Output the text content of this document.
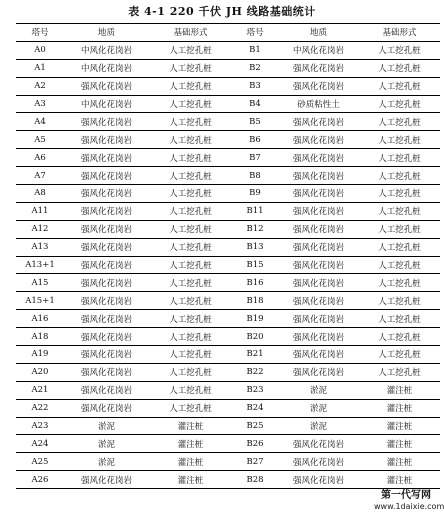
表 4-1 220 千伏 JH 线路基础统计
塔号	地质	基础形式	塔号	地质	基础形式
A0	中风化花岗岩	人工挖孔桩	B1	中风化花岗岩	人工挖孔桩
A1	中风化花岗岩	人工挖孔桩	B2	强风化花岗岩	人工挖孔桩
A2	强风化花岗岩	人工挖孔桩	B3	强风化花岗岩	人工挖孔桩
A3	中风化花岗岩	人工挖孔桩	B4	砂质粘性土	人工挖孔桩
A4	强风化花岗岩	人工挖孔桩	B5	强风化花岗岩	人工挖孔桩
A5	强风化花岗岩	人工挖孔桩	B6	强风化花岗岩	人工挖孔桩
A6	强风化花岗岩	人工挖孔桩	B7	强风化花岗岩	人工挖孔桩
A7	强风化花岗岩	人工挖孔桩	B8	强风化花岗岩	人工挖孔桩
A8	强风化花岗岩	人工挖孔桩	B9	强风化花岗岩	人工挖孔桩
A11	强风化花岗岩	人工挖孔桩	B11	强风化花岗岩	人工挖孔桩
A12	强风化花岗岩	人工挖孔桩	B12	强风化花岗岩	人工挖孔桩
A13	强风化花岗岩	人工挖孔桩	B13	强风化花岗岩	人工挖孔桩
A13+1	强风化花岗岩	人工挖孔桩	B15	强风化花岗岩	人工挖孔桩
A15	强风化花岗岩	人工挖孔桩	B16	强风化花岗岩	人工挖孔桩
A15+1	强风化花岗岩	人工挖孔桩	B18	强风化花岗岩	人工挖孔桩
A16	强风化花岗岩	人工挖孔桩	B19	强风化花岗岩	人工挖孔桩
A18	强风化花岗岩	人工挖孔桩	B20	强风化花岗岩	人工挖孔桩
A19	强风化花岗岩	人工挖孔桩	B21	强风化花岗岩	人工挖孔桩
A20	强风化花岗岩	人工挖孔桩	B22	强风化花岗岩	人工挖孔桩
A21	强风化花岗岩	人工挖孔桩	B23	淤泥	灌注桩
A22	强风化花岗岩	人工挖孔桩	B24	淤泥	灌注桩
A23	淤泥	灌注桩	B25	淤泥	灌注桩
A24	淤泥	灌注桩	B26	强风化花岗岩	灌注桩
A25	淤泥	灌注桩	B27	强风化花岗岩	灌注桩
A26	强风化花岗岩	灌注桩	B28	强风化花岗岩	灌注桩
第一代写网
www.1daixie.com
